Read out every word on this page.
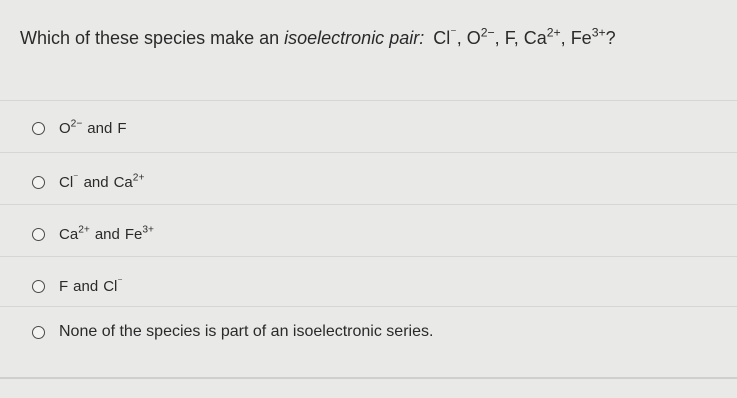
Which of these species make an isoelectronic pair: Cl⁻, $O^{2-}$, F, $Ca^{2+}$, $Fe^{3+}$?
$O^{2-}$ and F
Cl⁻ and $Ca^{2+}$
$Ca^{2+}$ and $Fe^{3+}$
F and Cl⁻
None of the species is part of an isoelectronic series.
